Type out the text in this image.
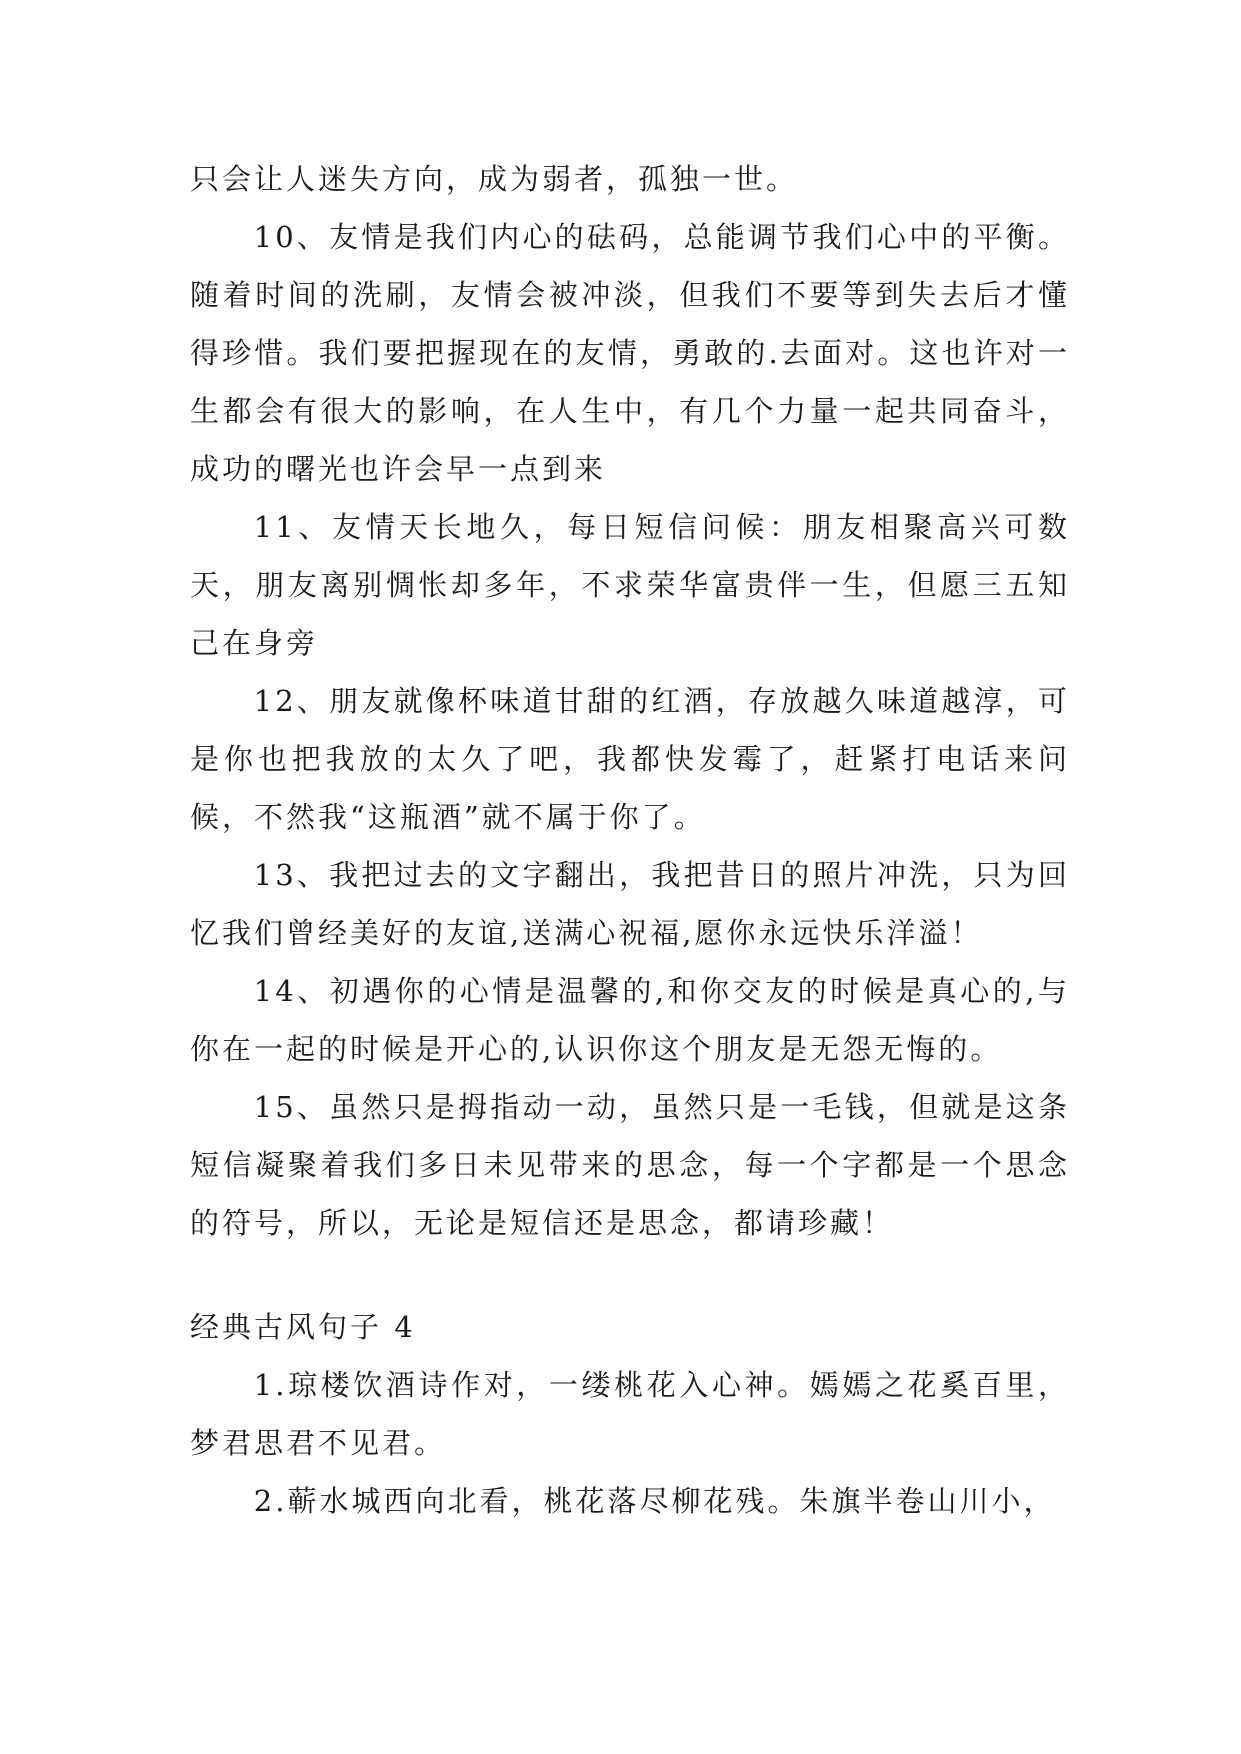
只会让人迷失方向，成为弱者，孤独一世。

10、友情是我们内心的砝码，总能调节我们心中的平衡。随着时间的洗刷，友情会被冲淡，但我们不要等到失去后才懂得珍惜。我们要把握现在的友情，勇敢的.去面对。这也许对一生都会有很大的影响，在人生中，有几个力量一起共同奋斗，成功的曙光也许会早一点到来

11、友情天长地久，每日短信问候：朋友相聚高兴可数天，朋友离别惆怅却多年，不求荣华富贵伴一生，但愿三五知己在身旁

12、朋友就像杯味道甘甜的红酒，存放越久味道越淳，可是你也把我放的太久了吧，我都快发霉了，赶紧打电话来问候，不然我“这瓶酒”就不属于你了。

13、我把过去的文字翻出，我把昔日的照片冲洗，只为回忆我们曾经美好的友谊,送满心祝福,愿你永远快乐洋溢！

14、初遇你的心情是温馨的,和你交友的时候是真心的,与你在一起的时候是开心的,认识你这个朋友是无怨无悔的。

15、虽然只是拇指动一动，虽然只是一毛钱，但就是这条短信凝聚着我们多日未见带来的思念，每一个字都是一个思念的符号，所以，无论是短信还是思念，都请珍藏！

经典古风句子 4

1.琼楼饮酒诗作对，一缕桃花入心神。嫣嫣之花奚百里，梦君思君不见君。

2.蕲水城西向北看，桃花落尽柳花残。朱旗半卷山川小，
